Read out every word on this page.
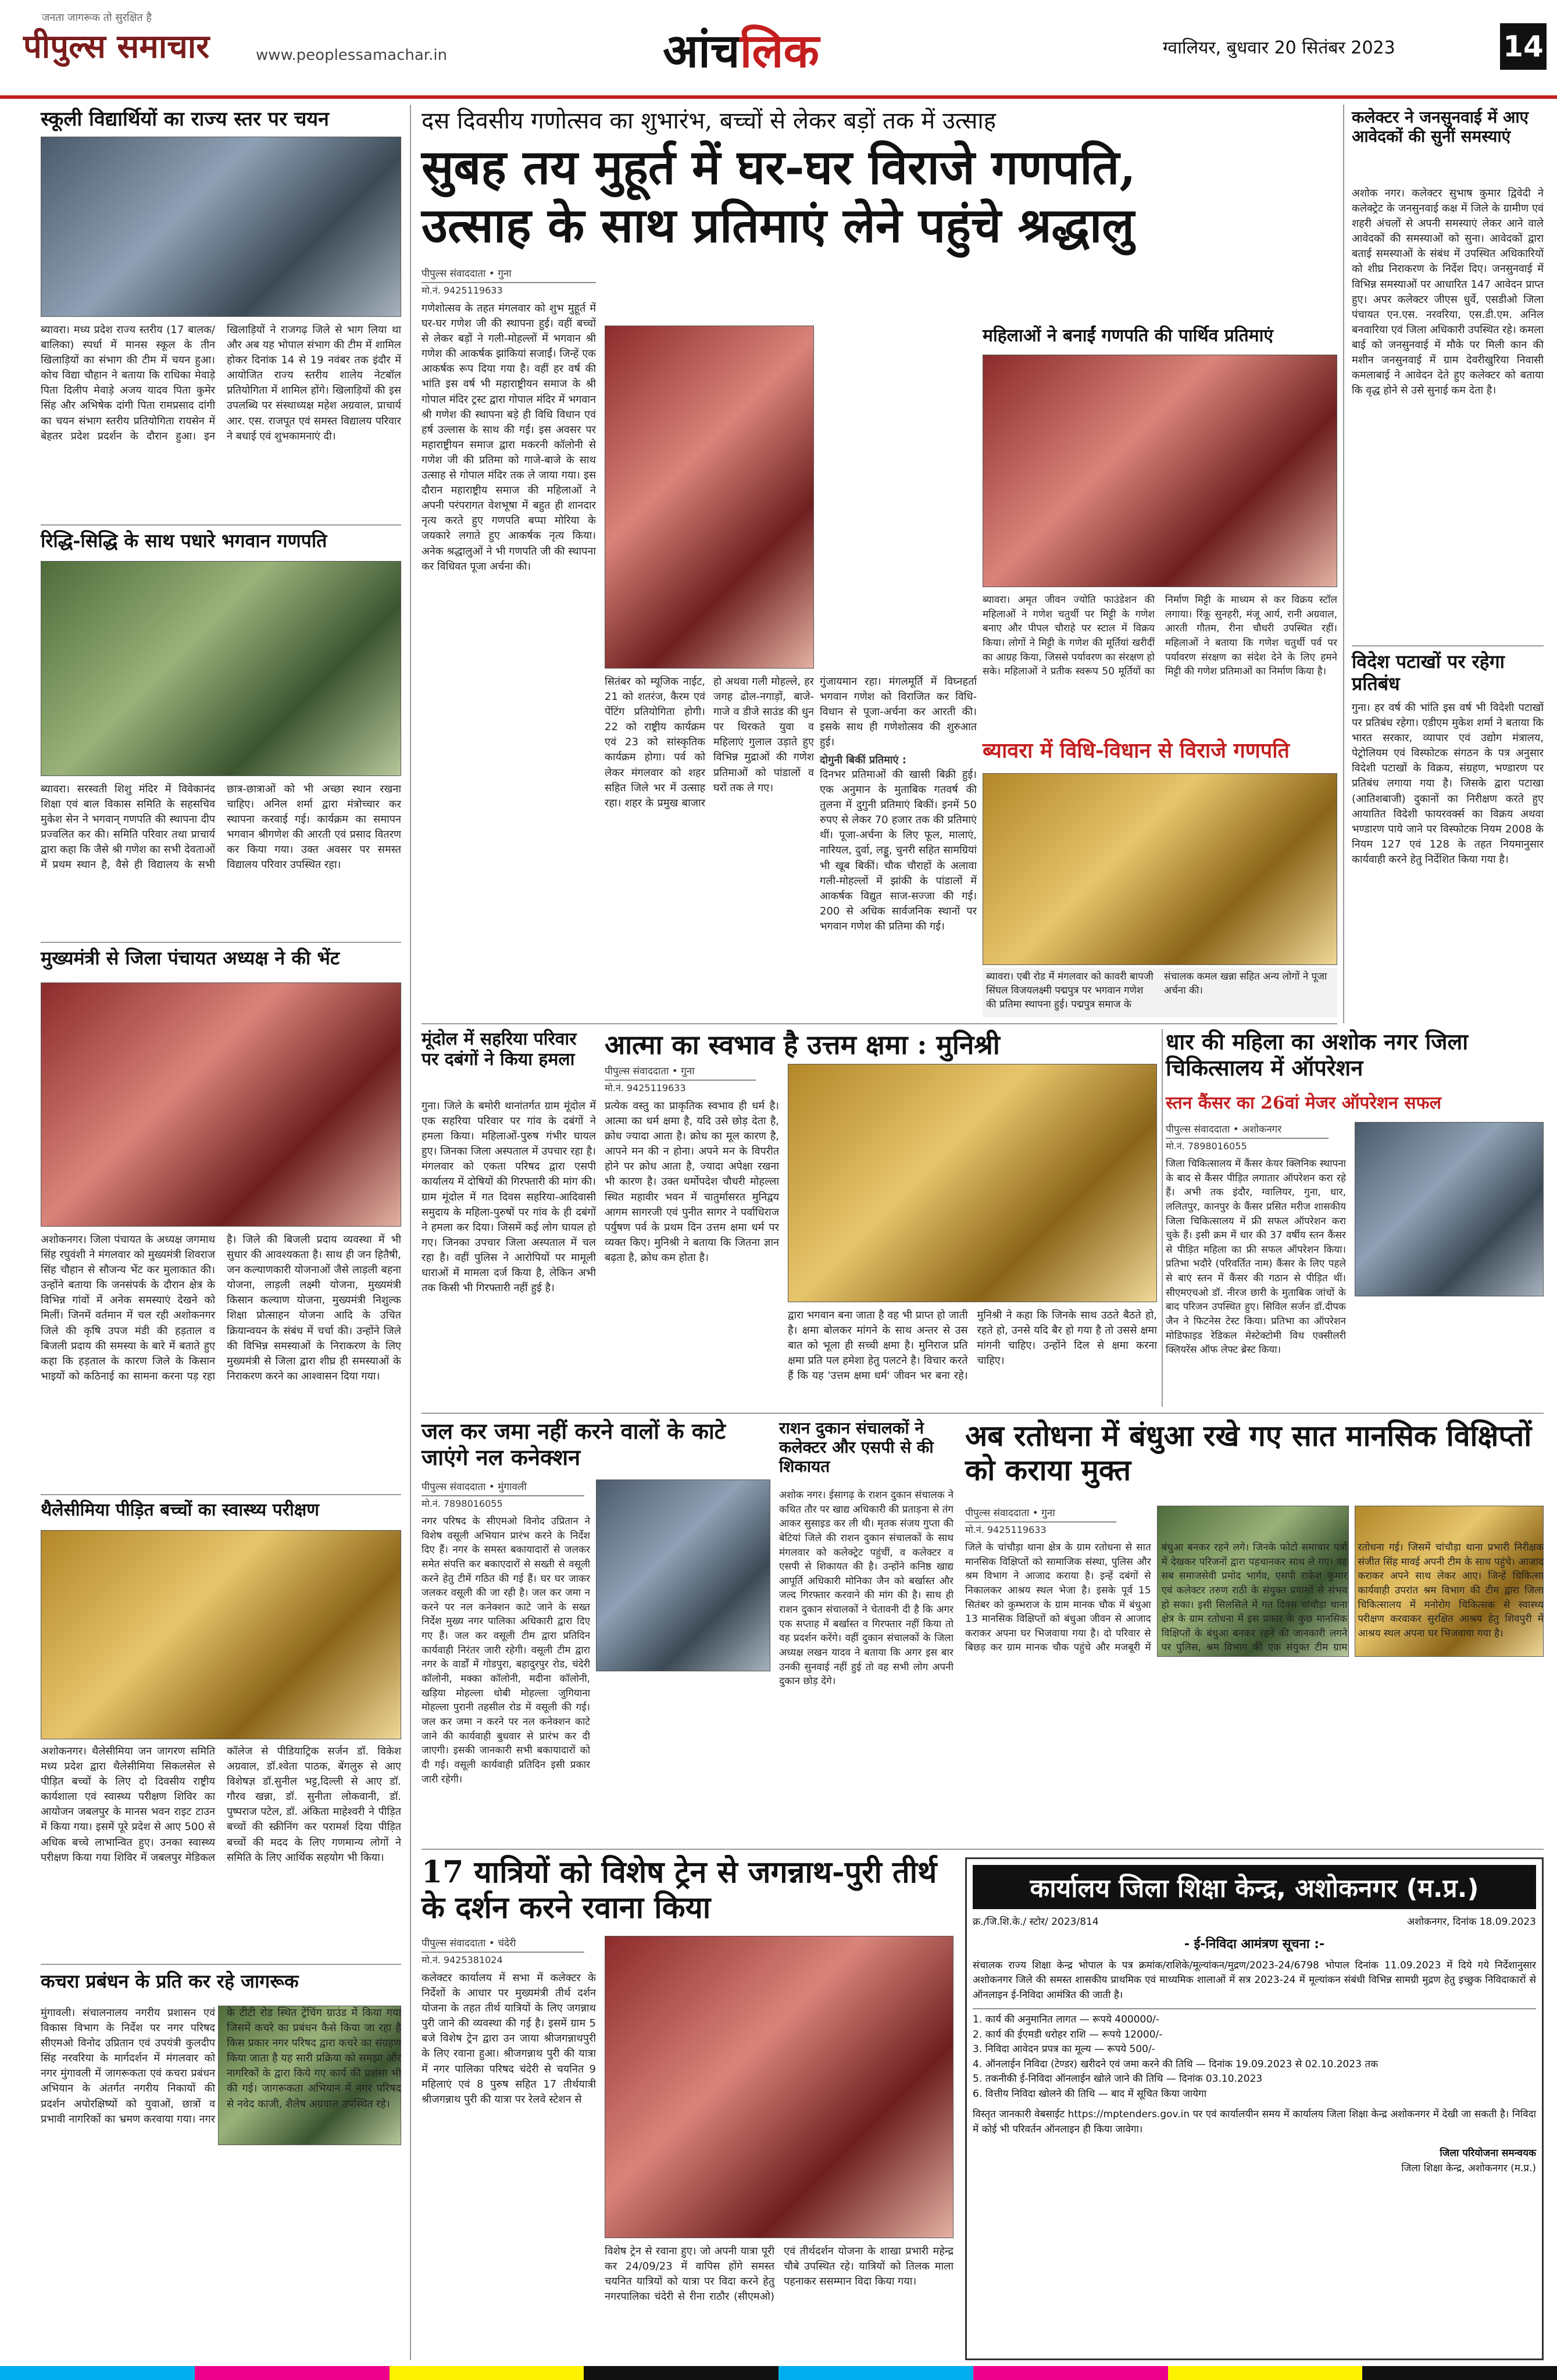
जनता जागरूक तो सुरक्षित है
पीपुल्स समाचार	www.peoplessamachar.in	आंचलिक	ग्वालियर, बुधवार 20 सितंबर 2023	14
स्कूली विद्यार्थियों का राज्य स्तर पर चयन
ब्यावरा। मध्य प्रदेश राज्य स्तरीय (17 बालक/बालिका) स्पर्धा में मानस स्कूल के तीन खिलाड़ियों का संभाग की टीम में चयन हुआ। कोच विद्या चौहान ने बताया कि राधिका मेवाड़े पिता दिलीप मेवाड़े अजय यादव पिता कुमेर सिंह और अभिषेक दांगी पिता रामप्रसाद दांगी का चयन संभाग स्तरीय प्रतियोगिता रायसेन में बेहतर प्रदेश प्रदर्शन के दौरान हुआ। इन खिलाड़ियों ने राजगढ़ जिले से भाग लिया था और अब यह भोपाल संभाग की टीम में शामिल होकर दिनांक 14 से 19 नवंबर तक इंदौर में आयोजित राज्य स्तरीय शालेय नेटबॉल प्रतियोगिता में शामिल होंगे। खिलाड़ियों की इस उपलब्धि पर संस्थाध्यक्ष महेश अग्रवाल, प्राचार्य आर. एस. राजपूत एवं समस्त विद्यालय परिवार ने बधाई एवं शुभकामनाएं दी।
रिद्धि-सिद्धि के साथ पधारे भगवान गणपति
ब्यावरा। सरस्वती शिशु मंदिर में विवेकानंद शिक्षा एवं बाल विकास समिति के सहसचिव मुकेश सेन ने भगवान् गणपति की स्थापना दीप प्रज्वलित कर की। समिति परिवार तथा प्राचार्य द्वारा कहा कि जैसे श्री गणेश का सभी देवताओं में प्रथम स्थान है, वैसे ही विद्यालय के सभी छात्र-छात्राओं को भी अच्छा स्थान रखना चाहिए। अनिल शर्मा द्वारा मंत्रोच्चार कर स्थापना करवाई गई। कार्यक्रम का समापन भगवान श्रीगणेश की आरती एवं प्रसाद वितरण कर किया गया। उक्त अवसर पर समस्त विद्यालय परिवार उपस्थित रहा।
मुख्यमंत्री से जिला पंचायत अध्यक्ष ने की भेंट
अशोकनगर। जिला पंचायत के अध्यक्ष जगमाथ सिंह रघुवंशी ने मंगलवार को मुख्यमंत्री शिवराज सिंह चौहान से सौजन्य भेंट कर मुलाकात की। उन्होंने बताया कि जनसंपर्क के दौरान क्षेत्र के विभिन्न गांवों में अनेक समस्याएं देखने को मिलीं। जिनमें वर्तमान में चल रही अशोकनगर जिले की कृषि उपज मंडी की हड़ताल व बिजली प्रदाय की समस्या के बारे में बताते हुए कहा कि हड़ताल के कारण जिले के किसान भाइयों को कठिनाई का सामना करना पड़ रहा है। जिले की बिजली प्रदाय व्यवस्था में भी सुधार की आवश्यकता है। साथ ही जन हितैषी, जन कल्याणकारी योजनाओं जैसे लाड़ली बहना योजना, लाड़ली लक्ष्मी योजना, मुख्यमंत्री किसान कल्याण योजना, मुख्यमंत्री निशुल्क शिक्षा प्रोत्साहन योजना आदि के उचित क्रियान्वयन के संबंध में चर्चा की। उन्होंने जिले की विभिन्न समस्याओं के निराकरण के लिए मुख्यमंत्री से जिला द्वारा शीघ्र ही समस्याओं के निराकरण करने का आश्वासन दिया गया।
थैलेसीमिया पीड़ित बच्चों का स्वास्थ्य परीक्षण
अशोकनगर। थैलेसीमिया जन जागरण समिति मध्य प्रदेश द्वारा थैलेसीमिया सिकलसेल से पीड़ित बच्चों के लिए दो दिवसीय राष्ट्रीय कार्यशाला एवं स्वास्थ्य परीक्षण शिविर का आयोजन जबलपुर के मानस भवन राइट टाउन में किया गया। इसमें पूरे प्रदेश से आए 500 से अधिक बच्चे लाभान्वित हुए। उनका स्वास्थ्य परीक्षण किया गया शिविर में जबलपुर मेडिकल कॉलेज से पीडियाट्रिक सर्जन डॉ. विकेश अग्रवाल, डॉ.श्वेता पाठक, बेंगलुरु से आए विशेषज्ञ डॉ.सुनील भट्ट,दिल्ली से आए डॉ. गौरव खन्ना, डॉ. सुनीता लोकवानी, डॉ. पुष्पराज पटेल, डॉ. अंकिता माहेश्वरी ने पीड़ित बच्चों की स्क्रीनिंग कर परामर्श दिया पीड़ित बच्चों की मदद के लिए गणमान्य लोगों ने समिति के लिए आर्थिक सहयोग भी किया।
कचरा प्रबंधन के प्रति कर रहे जागरूक
मुंगावली। संचालनालय नगरीय प्रशासन एवं विकास विभाग के निर्देश पर नगर परिषद सीएमओ विनोद उप्रितान एवं उपयंत्री कुलदीप सिंह नरवरिया के मार्गदर्शन में मंगलवार को नगर मुंगावली में जागरूकता एवं कचरा प्रबंधन अभियान के अंतर्गत नगरीय निकायों की प्रदर्शन अपोरक्षिष्यों को युवाओं, छात्रों व प्रभावी नागरिकों का भ्रमण करवाया गया। नगर के टीटी रोड स्थित ट्रेंचिंग ग्राउंड में किया गया जिसमें कचरे का प्रबंधन कैसे किया जा रहा है किस प्रकार नगर परिषद द्वारा कचरे का संग्रहण किया जाता है यह सारी प्रक्रिया को समझा और नागरिकों के द्वारा किये गए कार्य की प्रशंसा भी की गई। जागरूकता अभियान में नगर परिषद से नवेद काजी, शैलेष अग्रवाल उपस्थित रहे।
दस दिवसीय गणोत्सव का शुभारंभ, बच्चों से लेकर बड़ों तक में उत्साह
सुबह तय मुहूर्त में घर-घर विराजे गणपति,
उत्साह के साथ प्रतिमाएं लेने पहुंचे श्रद्धालु
पीपुल्स संवाददाता • गुना
मो.नं. 9425119633
गणेशोत्सव के तहत मंगलवार को शुभ मुहूर्त में घर-घर गणेश जी की स्थापना हुई। वहीं बच्चों से लेकर बड़ों ने गली-मोहल्लों में भगवान श्री गणेश की आकर्षक झांकियां सजाईं। जिन्हें एक आकर्षक रूप दिया गया है। वहीं हर वर्ष की भांति इस वर्ष भी महाराष्ट्रीयन समाज के श्री गोपाल मंदिर ट्रस्ट द्वारा गोपाल मंदिर में भगवान श्री गणेश की स्थापना बड़े ही विधि विधान एवं हर्ष उल्लास के साथ की गई। इस अवसर पर महाराष्ट्रीयन समाज द्वारा मकरनी कॉलोनी से गणेश जी की प्रतिमा को गाजे-बाजे के साथ उत्साह से गोपाल मंदिर तक ले जाया गया। इस दौरान महाराष्ट्रीय समाज की महिलाओं ने अपनी परंपरागत वेशभूषा में बहुत ही शानदार नृत्य करते हुए गणपति बप्पा मोरिया के जयकारे लगाते हुए आकर्षक नृत्य किया। अनेक श्रद्धालुओं ने भी गणपति जी की स्थापना कर विधिवत पूजा अर्चना की।
सितंबर को म्यूजिक नाईट, 21 को शतरंज, कैरम एवं पेंटिंग प्रतियोगिता होगी। 22 को राष्ट्रीय कार्यक्रम एवं 23 को सांस्कृतिक कार्यक्रम होगा। पर्व को लेकर मंगलवार को शहर सहित जिले भर में उत्साह रहा। शहर के प्रमुख बाजार हो अथवा गली मोहल्ले, हर जगह ढोल-नगाड़ों, बाजे-गाजे व डीजे साउंड की धुन पर थिरकते युवा व महिलाएं गुलाल उड़ाते हुए विभिन्न मुद्राओं की गणेश प्रतिमाओं को पांडालों व घरों तक ले गए।
गुंजायमान रहा। मंगलमूर्ति में विघ्नहर्ता भगवान गणेश को विराजित कर विधि-विधान से पूजा-अर्चना कर आरती की। इसके साथ ही गणेशोत्सव की शुरुआत हुई।
दोगुनी बिकीं प्रतिमाएं :
दिनभर प्रतिमाओं की खासी बिक्री हुई। एक अनुमान के मुताबिक गतवर्ष की तुलना में दुगुनी प्रतिमाएं बिकीं। इनमें 50 रुपए से लेकर 70 हजार तक की प्रतिमाएं थीं। पूजा-अर्चना के लिए फूल, मालाएं, नारियल, दुर्वा, लड्डू, चुनरी सहित सामग्रियां भी खूब बिकीं। चौक चौराहों के अलावा गली-मोहल्लों में झांकी के पांडालों में आकर्षक विद्युत साज-सज्जा की गई। 200 से अधिक सार्वजनिक स्थानों पर भगवान गणेश की प्रतिमा की गई।
महिलाओं ने बनाईं गणपति की पार्थिव प्रतिमाएं
ब्यावरा। अमृत जीवन ज्योति फाउंडेशन की महिलाओं ने गणेश चतुर्थी पर मिट्टी के गणेश बनाए और पीपल चौराहे पर स्टाल में विक्रय किया। लोगों ने मिट्टी के गणेश की मूर्तियां खरीदीं का आग्रह किया, जिससे पर्यावरण का संरक्षण हो सके। महिलाओं ने प्रतीक स्वरूप 50 मूर्तियों का निर्माण मिट्टी के माध्यम से कर विक्रय स्टॉल लगाया। रिंकू सुनहरी, मंजू आर्य, रानी अग्रवाल, आरती गौतम, रीना चौधरी उपस्थित रहीं। महिलाओं ने बताया कि गणेश चतुर्थी पर्व पर पर्यावरण संरक्षण का संदेश देने के लिए हमने मिट्टी की गणेश प्रतिमाओं का निर्माण किया है।
ब्यावरा में विधि-विधान से विराजे गणपति
ब्यावरा। एबी रोड में मंगलवार को कावरी बापजी सिंघल विजयलक्ष्मी पद्मपुत्र पर भगवान गणेश की प्रतिमा स्थापना हुई। पद्मपुत्र समाज के संचालक कमल खन्ना सहित अन्य लोगों ने पूजा अर्चना की।
मूंदोल में सहरिया परिवार पर दबंगों ने किया हमला
गुना। जिले के बमोरी थानांतर्गत ग्राम मूंदोल में एक सहरिया परिवार पर गांव के दबंगों ने हमला किया। महिलाओं-पुरुष गंभीर घायल हुए। जिनका जिला अस्पताल में उपचार रहा है। मंगलवार को एकता परिषद द्वारा एसपी कार्यालय में दोषियों की गिरफ्तारी की मांग की। ग्राम मूंदोल में गत दिवस सहरिया-आदिवासी समुदाय के महिला-पुरुषों पर गांव के ही दबंगों ने हमला कर दिया। जिसमें कई लोग घायल हो गए। जिनका उपचार जिला अस्पताल में चल रहा है। वहीं पुलिस ने आरोपियों पर मामूली धाराओं में मामला दर्ज किया है, लेकिन अभी तक किसी भी गिरफ्तारी नहीं हुई है।
आत्मा का स्वभाव है उत्तम क्षमा : मुनिश्री
पीपुल्स संवाददाता • गुना
मो.नं. 9425119633
प्रत्येक वस्तु का प्राकृतिक स्वभाव ही धर्म है। आत्मा का धर्म क्षमा है, यदि उसे छोड़ देता है, क्रोध ज्यादा आता है। क्रोध का मूल कारण है, आपने मन की न होना। अपने मन के विपरीत होने पर क्रोध आता है, ज्यादा अपेक्षा रखना भी कारण है। उक्त धर्मोपदेश चौधरी मोहल्ला स्थित महावीर भवन में चातुर्मासरत मुनिद्वय आगम सागरजी एवं पुनीत सागर ने पर्वाधिराज पर्युषण पर्व के प्रथम दिन उत्तम क्षमा धर्म पर व्यक्त किए। मुनिश्री ने बताया कि जितना ज्ञान बढ़ता है, क्रोध कम होता है।
द्वारा भगवान बना जाता है वह भी प्राप्त हो जाती है। क्षमा बोलकर मांगने के साथ अन्तर से उस बात को भूला ही सच्ची क्षमा है। मुनिराज प्रति क्षमा प्रति पल हमेशा हेतु पलटने है। विचार करते हैं कि यह 'उत्तम क्षमा धर्म' जीवन भर बना रहे। मुनिश्री ने कहा कि जिनके साथ उठते बैठते हो, रहते हो, उनसे यदि बैर हो गया है तो उससे क्षमा मांगनी चाहिए। उन्होंने दिल से क्षमा करना चाहिए।
धार की महिला का अशोक नगर जिला चिकित्सालय में ऑपरेशन
स्तन कैंसर का 26वां मेजर ऑपरेशन सफल
पीपुल्स संवाददाता • अशोकनगर
मो.नं. 7898016055
जिला चिकित्सालय में कैंसर केयर क्लिनिक स्थापना के बाद से कैंसर पीड़ित लगातार ऑपरेशन करा रहे हैं। अभी तक इंदौर, ग्वालियर, गुना, धार, ललितपुर, कानपुर के कैंसर प्रसित मरीज शासकीय जिला चिकित्सालय में फ्री सफल ऑपरेशन करा चुके हैं। इसी क्रम में धार की 37 वर्षीय स्तन कैंसर से पीड़ित महिला का फ्री सफल ऑपरेशन किया। प्रतिभा भदौरे (परिवर्तित नाम) कैंसर के लिए पहले से बाएं स्तन में कैंसर की गठान से पीड़ित थीं। सीएमएचओ डॉ. नीरज छारी के मुताबिक जांचों के बाद परिजन उपस्थित हुए। सिविल सर्जन डॉ.दीपक जैन ने फिटनेस टेस्ट किया। प्रतिभा का ऑपरेशन मोडिफाइड रेडिकल मेस्टेक्टोमी विथ एक्सीलरी क्लियरेंस ऑफ लेफ्ट ब्रेस्ट किया।
जल कर जमा नहीं करने वालों के काटे जाएंगे नल कनेक्शन
पीपुल्स संवाददाता • मुंगावली
मो.नं. 7898016055
नगर परिषद के सीएमओ विनोद उप्रितान ने विशेष वसूली अभियान प्रारंभ करने के निर्देश दिए हैं। नगर के समस्त बकायादारों से जलकर समेत संपत्ति कर बकाएदारों से सख्ती से वसूली करने हेतु टीमें गठित की गई हैं। घर घर जाकर जलकर वसूली की जा रही है। जल कर जमा न करने पर नल कनेक्शन काटे जाने के सख्त निर्देश मुख्य नगर पालिका अधिकारी द्वारा दिए गए हैं। जल कर वसूली टीम द्वारा प्रतिदिन कार्यवाही निरंतर जारी रहेगी। वसूली टीम द्वारा नगर के वार्डों में गोडपुरा, बहादुरपुर रोड, चंदेरी कॉलोनी, मक्का कॉलोनी, मदीना कॉलोनी, खड़िया मोहल्ला धोबी मोहल्ला जुगियाना मोहल्ला पुरानी तहसील रोड में वसूली की गई। जल कर जमा न करने पर नल कनेक्शन काटे जाने की कार्यवाही बुधवार से प्रारंभ कर दी जाएगी। इसकी जानकारी सभी बकायादारों को दी गई। वसूली कार्यवाही प्रतिदिन इसी प्रकार जारी रहेगी।
राशन दुकान संचालकों ने कलेक्टर और एसपी से की शिकायत
अशोक नगर। ईसागढ़ के राशन दुकान संचालक ने कथित तौर पर खाद्य अधिकारी की प्रताड़ना से तंग आकर सुसाइड कर ली थी। मृतक संजय गुप्ता की बेटियां जिले की राशन दुकान संचालकों के साथ मंगलवार को कलेक्ट्रेट पहुंचीं, व कलेक्टर व एसपी से शिकायत की है। उन्होंने कनिष्ठ खाद्य आपूर्ति अधिकारी मोनिका जैन को बर्खास्त और जल्द गिरफ्तार करवाने की मांग की है। साथ ही राशन दुकान संचालकों ने चेतावनी दी है कि अगर एक सप्ताह में बर्खास्त व गिरफ्तार नहीं किया तो वह प्रदर्शन करेंगे। वहीं दुकान संचालकों के जिला अध्यक्ष लखन यादव ने बताया कि अगर इस बार उनकी सुनवाई नहीं हुई तो वह सभी लोग अपनी दुकान छोड़ देंगे।
अब रतोधना में बंधुआ रखे गए सात मानसिक विक्षिप्तों को कराया मुक्त
पीपुल्स संवाददाता • गुना
मो.नं. 9425119633
जिले के चांचौड़ा थाना क्षेत्र के ग्राम रतोधना से सात मानसिक विक्षिप्तों को सामाजिक संस्था, पुलिस और श्रम विभाग ने आजाद कराया है। इन्हें दबंगों से निकालकर आश्रय स्थल भेजा है। इसके पूर्व 15 सितंबर को कुम्भराज के ग्राम मानक चौक में बंधुआ 13 मानसिक विक्षिप्तों को बंधुआ जीवन से आजाद कराकर अपना घर भिजवाया गया है। दो परिवार से बिछड़ कर ग्राम मानक चौक पहुंचे और मजबूरी में बंधुआ बनकर रहने लगे। जिनके फोटो समाचार पत्रों में देखकर परिजनों द्वारा पहचानकर साथ ले गए। वह सब समाजसेवी प्रमोद भार्गव, एसपी राकेश कुमार एवं कलेक्टर तरुण राठी के संयुक्त प्रयासों से संभव हो सका। इसी सिलसिले में गत दिवस चांचौड़ा थाना क्षेत्र के ग्राम रतोधना में इस प्रकार के कुछ मानसिक विक्षिप्तों के बंधुआ बनकर रहने की जानकारी लगने पर पुलिस, श्रम विभाग की एक संयुक्त टीम ग्राम रतोधना गई। जिसमें चांचौड़ा थाना प्रभारी निरीक्षक संजीत सिंह मावई अपनी टीम के साथ पहुंचे। आजाद कराकर अपने साथ लेकर आए। जिन्हें चिकित्सा कार्यवाही उपरांत श्रम विभाग की टीम द्वारा जिला चिकित्सालय में मनोरोग चिकित्सक से स्वास्थ्य परीक्षण करवाकर सुरक्षित आश्रय हेतु शिवपुरी में आश्रय स्थल अपना घर भिजवाया गया है।
17 यात्रियों को विशेष ट्रेन से जगन्नाथ-पुरी तीर्थ के दर्शन करने रवाना किया
पीपुल्स संवाददाता • चंदेरी
मो.नं. 9425381024
कलेक्टर कार्यालय में सभा में कलेक्टर के निर्देशों के आधार पर मुख्यमंत्री तीर्थ दर्शन योजना के तहत तीर्थ यात्रियों के लिए जगन्नाथ पुरी जाने की व्यवस्था की गई है। इसमें ग्राम 5 बजे विशेष ट्रेन द्वारा उन जाया श्रीजगन्नाथपुरी के लिए रवाना हुआ। श्रीजगन्नाथ पुरी की यात्रा में नगर पालिका परिषद चंदेरी से चयनित 9 महिलाएं एवं 8 पुरुष सहित 17 तीर्थयात्री श्रीजगन्नाथ पुरी की यात्रा पर रेलवे स्टेशन से
विशेष ट्रेन से रवाना हुए। जो अपनी यात्रा पूरी कर 24/09/23 में वापिस होंगे समस्त चयनित यात्रियों को यात्रा पर विदा करने हेतु नगरपालिका चंदेरी से रीना राठौर (सीएमओ) एवं तीर्थदर्शन योजना के शाखा प्रभारी महेन्द्र चौबे उपस्थित रहे। यात्रियों को तिलक माला पहनाकर ससम्मान विदा किया गया।
कार्यालय जिला शिक्षा केन्द्र, अशोकनगर (म.प्र.)
क्र./जि.शि.के./ स्टोर/ 2023/814	अशोकनगर, दिनांक 18.09.2023
- ई-निविदा आमंत्रण सूचना :-
संचालक राज्य शिक्षा केन्द्र भोपाल के पत्र क्रमांक/राशिके/मूल्यांकन/मुद्रण/2023-24/6798 भोपाल दिनांक 11.09.2023 में दिये गये निर्देशानुसार अशोकनगर जिले की समस्त शासकीय प्राथमिक एवं माध्यमिक शालाओं में सत्र 2023-24 में मूल्यांकन संबंधी विभिन्न सामग्री मुद्रण हेतु इच्छुक निविदाकारों से ऑनलाइन ई-निविदा आमंत्रित की जाती है।
1. कार्य की अनुमानित लागत — रूपये 400000/-
2. कार्य की ईएमडी धरोहर राशि — रूपये 12000/-
3. निविदा आवेदन प्रपत्र का मूल्य — रूपये 500/-
4. ऑनलाईन निविदा (टेण्डर) खरीदने एवं जमा करने की तिथि — दिनांक 19.09.2023 से 02.10.2023 तक
5. तकनीकी ई-निविदा ऑनलाईन खोले जाने की तिथि — दिनांक 03.10.2023
6. वित्तीय निविदा खोलने की तिथि — बाद में सूचित किया जायेगा
विस्तृत जानकारी वेबसाईट https://mptenders.gov.in पर एवं कार्यालयीन समय में कार्यालय जिला शिक्षा केन्द्र अशोकनगर में देखी जा सकती है। निविदा में कोई भी परिवर्तन ऑनलाइन ही किया जावेगा।
जिला परियोजना समन्वयक
जिला शिक्षा केन्द्र, अशोकनगर (म.प्र.)
कलेक्टर ने जनसुनवाई में आए आवेदकों की सुनीं समस्याएं
अशोक नगर। कलेक्टर सुभाष कुमार द्विवेदी ने कलेक्ट्रेट के जनसुनवाई कक्ष में जिले के ग्रामीण एवं शहरी अंचलों से अपनी समस्याएं लेकर आने वाले आवेदकों की समस्याओं को सुना। आवेदकों द्वारा बताई समस्याओं के संबंध में उपस्थित अधिकारियों को शीघ्र निराकरण के निर्देश दिए। जनसुनवाई में विभिन्न समस्याओं पर आधारित 147 आवेदन प्राप्त हुए। अपर कलेक्टर जीएस धुर्वे, एसडीओ जिला पंचायत एन.एस. नरवरिया, एस.डी.एम. अनिल बनवारिया एवं जिला अधिकारी उपस्थित रहे। कमला बाई को जनसुनवाई में मौके पर मिली कान की मशीन जनसुनवाई में ग्राम देवरीखुरिया निवासी कमलाबाई ने आवेदन देते हुए कलेक्टर को बताया कि वृद्ध होने से उसे सुनाई कम देता है।
विदेश पटाखों पर रहेगा प्रतिबंध
गुना। हर वर्ष की भांति इस वर्ष भी विदेशी पटाखों पर प्रतिबंध रहेगा। एडीएम मुकेश शर्मा ने बताया कि भारत सरकार, व्यापार एवं उद्योग मंत्रालय, पेट्रोलियम एवं विस्फोटक संगठन के पत्र अनुसार विदेशी पटाखों के विक्रय, संग्रहण, भण्डारण पर प्रतिबंध लगाया गया है। जिसके द्वारा पटाखा (आतिशबाजी) दुकानों का निरीक्षण करते हुए आयातित विदेशी फायरवर्क्स का विक्रय अथवा भण्डारण पाये जाने पर विस्फोटक नियम 2008 के नियम 127 एवं 128 के तहत नियमानुसार कार्यवाही करने हेतु निर्देशित किया गया है।
